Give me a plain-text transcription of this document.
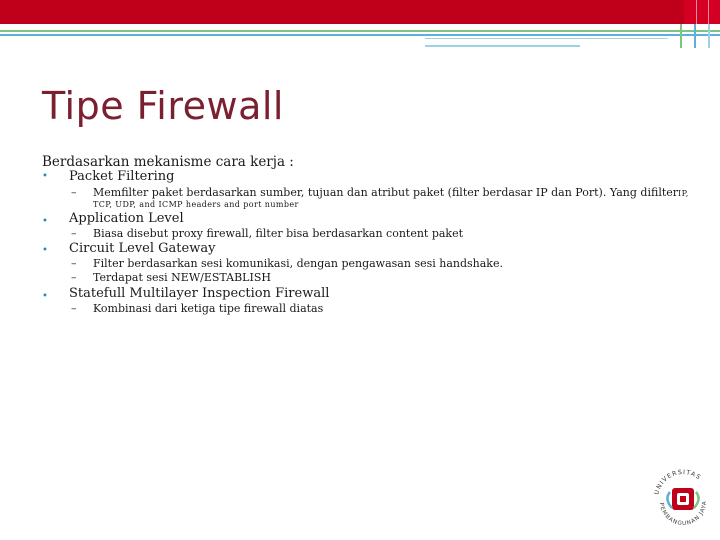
Tipe Firewall
Berdasarkan mekanisme cara kerja :
• Packet Filtering
– Memfilter paket berdasarkan sumber, tujuan dan atribut paket (filter berdasar IP dan Port). Yang difilterIP,
TCP, UDP, and ICMP headers and port number
• Application Level
– Biasa disebut proxy firewall, filter bisa berdasarkan content paket
• Circuit Level Gateway
– Filter berdasarkan sesi komunikasi, dengan pengawasan sesi handshake.
– Terdapat sesi NEW/ESTABLISH
• Statefull Multilayer Inspection Firewall
– Kombinasi dari ketiga tipe firewall diatas
UNIVERSITAS
PEMBANGUNAN JAYA
